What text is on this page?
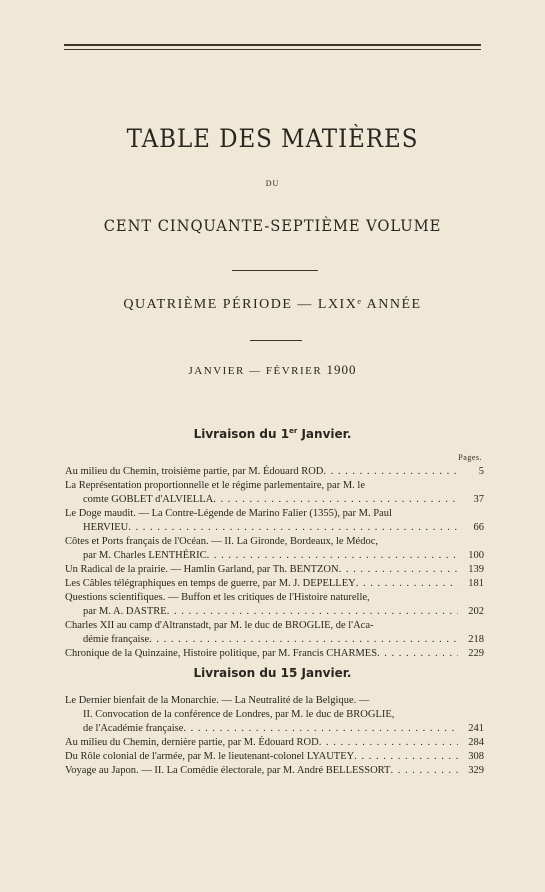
TABLE DES MATIÈRES
DU
CENT CINQUANTE-SEPTIÈME VOLUME
QUATRIÈME PÉRIODE — LXIXᵉ ANNÉE
JANVIER — FÉVRIER 1900
Livraison du 1er Janvier.
Pages.
Au milieu du Chemin, troisième partie, par M. Édouard ROD . . .	5
La Représentation proportionnelle et le régime parlementaire, par M. le
comte GOBLET d'ALVIELLA . . .	37
Le Doge maudit. — La Contre-Légende de Marino Falier (1355), par M. Paul
HERVIEU . . .	66
Côtes et Ports français de l'Océan. — II. La Gironde, Bordeaux, le Médoc,
par M. Charles LENTHÉRIC . . .	100
Un Radical de la prairie. — Hamlin Garland, par Th. BENTZON . . .	139
Les Câbles télégraphiques en temps de guerre, par M. J. DEPELLEY . . .	181
Questions scientifiques. — Buffon et les critiques de l'Histoire naturelle,
par M. A. DASTRE . . .	202
Charles XII au camp d'Altranstadt, par M. le duc de BROGLIE, de l'Aca-
démie française . . .	218
Chronique de la Quinzaine, Histoire politique, par M. Francis CHARMES . . .	229
Livraison du 15 Janvier.
Le Dernier bienfait de la Monarchie. — La Neutralité de la Belgique. —
II. Convocation de la conférence de Londres, par M. le duc de BROGLIE,
de l'Académie française . . .	241
Au milieu du Chemin, dernière partie, par M. Édouard ROD . . .	284
Du Rôle colonial de l'armée, par M. le lieutenant-colonel LYAUTEY . . .	308
Voyage au Japon. — II. La Comédie électorale, par M. André BELLESSORT . . .	329
